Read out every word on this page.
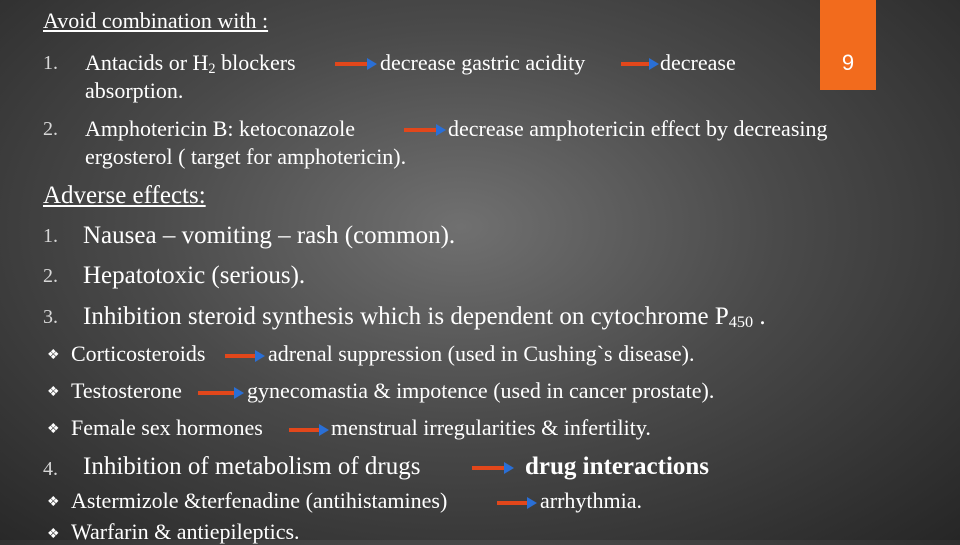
9
Avoid combination with :
1. Antacids or $H_2$ blockers	decrease gastric acidity	decrease
absorption.
2. Amphotericin B: ketoconazole	decrease amphotericin effect by decreasing
ergosterol ( target for amphotericin).
Adverse effects:
1. Nausea – vomiting – rash (common).
2. Hepatotoxic (serious).
3. Inhibition steroid synthesis which is dependent on cytochrome $P_{450}$ .
❖ Corticosteroids	adrenal suppression (used in Cushing`s disease).
❖ Testosterone	gynecomastia & impotence (used in cancer prostate).
❖ Female sex hormones	menstrual irregularities & infertility.
4. Inhibition of metabolism of drugs	drug interactions
❖ Astermizole &terfenadine (antihistamines)	arrhythmia.
❖ Warfarin & antiepileptics.
